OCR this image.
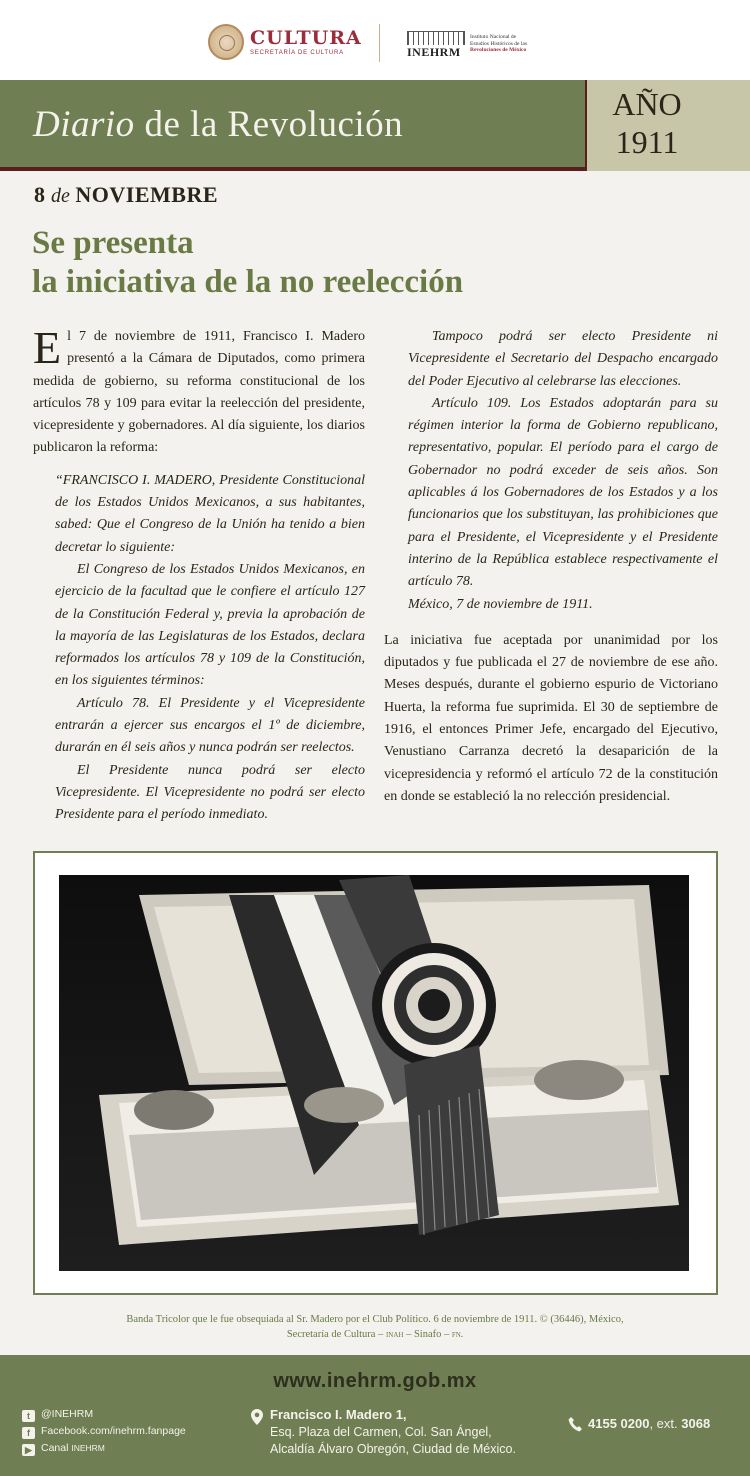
CULTURA
SECRETARÍA DE CULTURA	INEHRM
Instituto Nacional de
Estudios Históricos de las
Revoluciones de México
Diario de la Revolución	AÑO
1911
8 de NOVIEMBRE
Se presenta
la iniciativa de la no reelección

El 7 de noviembre de 1911, Francisco I. Madero presentó a la Cámara de Diputados, como primera medida de gobierno, su reforma constitucional de los artículos 78 y 109 para evitar la reelección del presidente, vicepresidente y gobernadores. Al día siguiente, los diarios publicaron la reforma:

“FRANCISCO I. MADERO, Presidente Constitucional de los Estados Unidos Mexicanos, a sus habitantes, sabed: Que el Congreso de la Unión ha tenido a bien decretar lo siguiente:

El Congreso de los Estados Unidos Mexicanos, en ejercicio de la facultad que le confiere el artículo 127 de la Constitución Federal y, previa la aprobación de la mayoría de las Legislaturas de los Estados, declara reformados los artículos 78 y 109 de la Constitución, en los siguientes términos:

Artículo 78. El Presidente y el Vicepresidente entrarán a ejercer sus encargos el 1º de diciembre, durarán en él seis años y nunca podrán ser reelectos.

El Presidente nunca podrá ser electo Vicepresidente. El Vicepresidente no podrá ser electo Presidente para el período inmediato.

Tampoco podrá ser electo Presidente ni Vicepresidente el Secretario del Despacho encargado del Poder Ejecutivo al celebrarse las elecciones.

Artículo 109. Los Estados adoptarán para su régimen interior la forma de Gobierno republicano, representativo, popular. El período para el cargo de Gobernador no podrá exceder de seis años. Son aplicables á los Gobernadores de los Estados y a los funcionarios que los substituyan, las prohibiciones que para el Presidente, el Vicepresidente y el Presidente interino de la República establece respectivamente el artículo 78.

México, 7 de noviembre de 1911.

La iniciativa fue aceptada por unanimidad por los diputados y fue publicada el 27 de noviembre de ese año. Meses después, durante el gobierno espurio de Victoriano Huerta, la reforma fue suprimida. El 30 de septiembre de 1916, el entonces Primer Jefe, encargado del Ejecutivo, Venustiano Carranza decretó la desaparición de la vicepresidencia y reformó el artículo 72 de la constitución en donde se estableció la no relección presidencial.

Banda Tricolor que le fue obsequiada al Sr. Madero por el Club Político. 6 de noviembre de 1911. © (36446), México,
Secretaría de Cultura – inah – Sinafo – fn.
www.inehrm.gob.mx
t @INEHRM
f Facebook.com/inehrm.fanpage
▶ Canal INEHRM
Francisco I. Madero 1,
Esq. Plaza del Carmen, Col. San Ángel,
Alcaldía Álvaro Obregón, Ciudad de México.
4155 0200, ext. 3068
